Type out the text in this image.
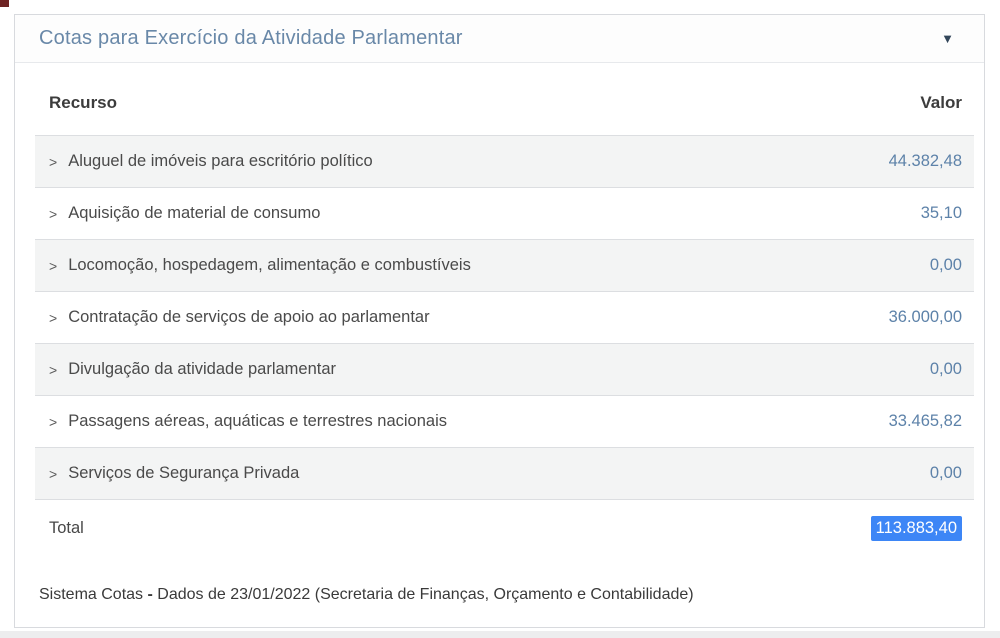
Cotas para Exercício da Atividade Parlamentar	▼
Recurso	Valor
> Aluguel de imóveis para escritório político	44.382,48
> Aquisição de material de consumo	35,10
> Locomoção, hospedagem, alimentação e combustíveis	0,00
> Contratação de serviços de apoio ao parlamentar	36.000,00
> Divulgação da atividade parlamentar	0,00
> Passagens aéreas, aquáticas e terrestres nacionais	33.465,82
> Serviços de Segurança Privada	0,00
Total	113.883,40
Sistema Cotas - Dados de 23/01/2022 (Secretaria de Finanças, Orçamento e Contabilidade)
